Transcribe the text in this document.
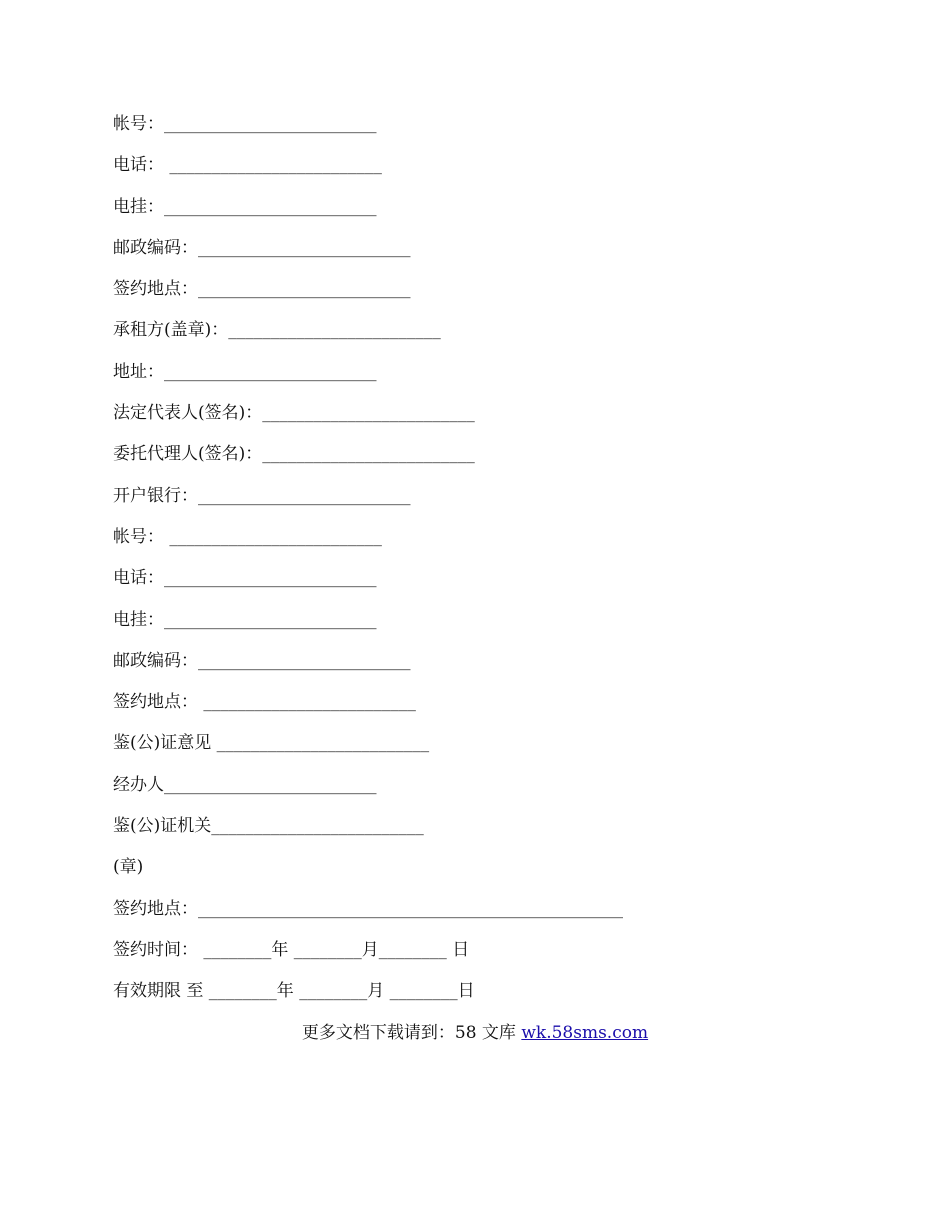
帐号：_________________________
电话： _________________________
电挂：_________________________
邮政编码：_________________________
签约地点：_________________________
承租方(盖章)：_________________________
地址：_________________________
法定代表人(签名)：_________________________
委托代理人(签名)：_________________________
开户银行：_________________________
帐号： _________________________
电话：_________________________
电挂：_________________________
邮政编码：_________________________
签约地点： _________________________
鉴(公)证意见 _________________________
经办人_________________________
鉴(公)证机关_________________________
(章)
签约地点：__________________________________________________
签约时间： ________年 ________月________ 日
有效期限 至 ________年 ________月 ________日
更多文档下载请到：58 文库 wk.58sms.com
